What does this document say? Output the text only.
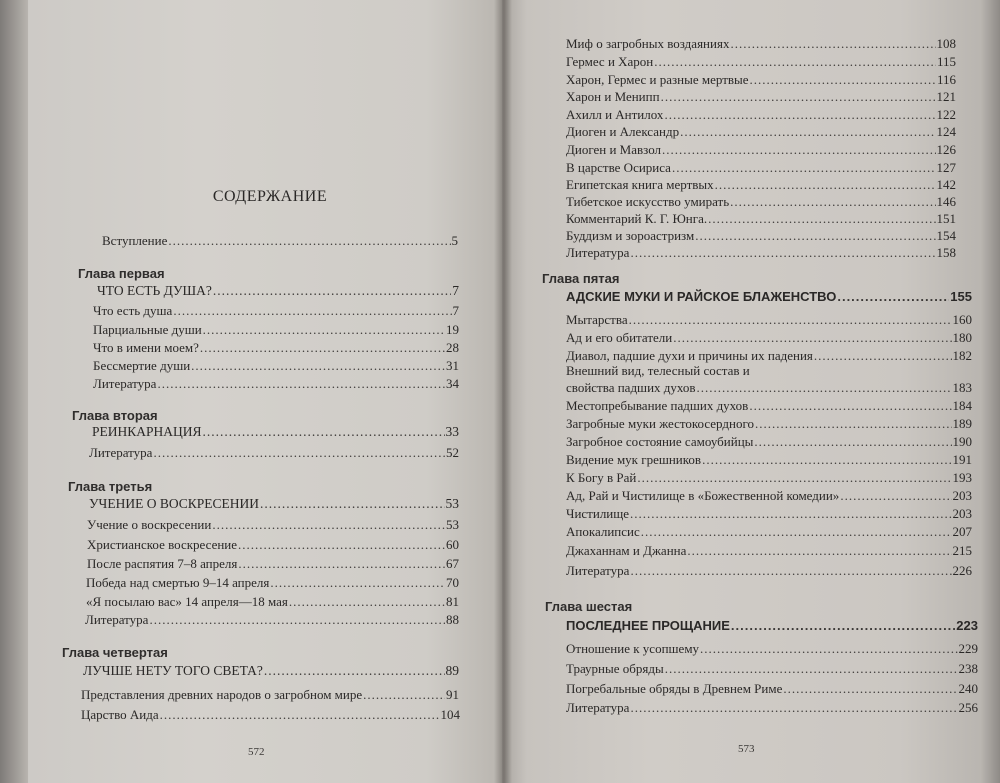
СОДЕРЖАНИЕ
Вступление .....	5
Глава первая
ЧТО ЕСТЬ ДУША? .....	7
Что есть душа .....	7
Парциальные души .....	19
Что в имени моем? .....	28
Бессмертие души .....	31
Литература .....	34
Глава вторая
РЕИНКАРНАЦИЯ .....	33
Литература .....	52
Глава третья
УЧЕНИЕ О ВОСКРЕСЕНИИ .....	53
Учение о воскресении .....	53
Христианское воскресение .....	60
После распятия 7–8 апреля .....	67
Победа над смертью 9–14 апреля .....	70
«Я посылаю вас» 14 апреля—18 мая .....	81
Литература .....	88
Глава четвертая
ЛУЧШЕ НЕТУ ТОГО СВЕТА? .....	89
Представления древних народов о загробном мире .....	91
Царство Аида .....	104
572
Миф о загробных воздаяниях .....	108
Гермес и Харон .....	115
Харон, Гермес и разные мертвые .....	116
Харон и Менипп .....	121
Ахилл и Антилох .....	122
Диоген и Александр .....	124
Диоген и Мавзол .....	126
В царстве Осириса .....	127
Египетская книга мертвых .....	142
Тибетское искусство умирать .....	146
Комментарий К. Г. Юнга. .....	151
Буддизм и зороастризм .....	154
Литература .....	158
Глава пятая
АДСКИЕ МУКИ И РАЙСКОЕ БЛАЖЕНСТВО .....	155
Мытарства .....	160
Ад и его обитатели .....	180
Диавол, падшие духи и причины их падения .....	182
Внешний вид, телесный состав и
свойства падших духов .....	183
Местопребывание падших духов .....	184
Загробные муки жестокосердного .....	189
Загробное состояние самоубийцы .....	190
Видение мук грешников .....	191
К Богу в Рай .....	193
Ад, Рай и Чистилище в «Божественной комедии» .....	203
Чистилище .....	203
Апокалипсис .....	207
Джаханнам и Джанна .....	215
Литература .....	226
Глава шестая
ПОСЛЕДНЕЕ ПРОЩАНИЕ .....	223
Отношение к усопшему .....	229
Траурные обряды .....	238
Погребальные обряды в Древнем Риме .....	240
Литература .....	256
573
